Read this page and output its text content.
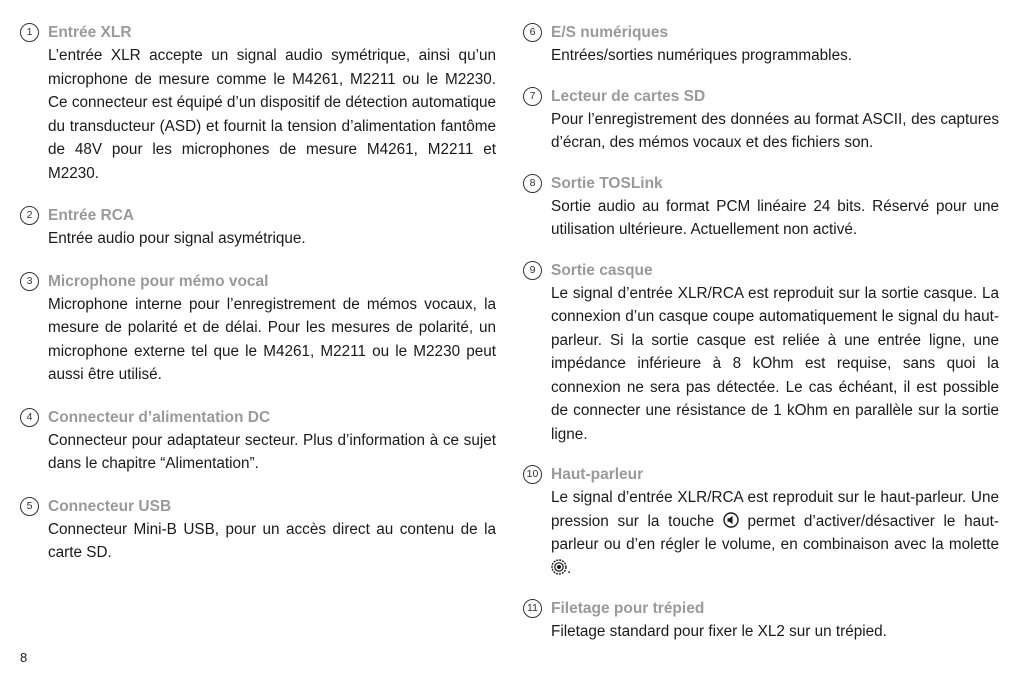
1	Entrée XLR
L’entrée XLR accepte un signal audio symétrique, ainsi qu’un microphone de mesure comme le M4261, M2211 ou le M2230. Ce connecteur est équipé d’un dispositif de détection automatique du transducteur (ASD) et fournit la tension d’alimentation fantôme de 48V pour les microphones de mesure M4261, M2211 et M2230.
2	Entrée RCA
Entrée audio pour signal asymétrique.
3	Microphone pour mémo vocal
Microphone interne pour l’enregistrement de mémos vocaux, la mesure de polarité et de délai. Pour les mesures de polarité, un microphone externe tel que le M4261, M2211 ou le M2230 peut aussi être utilisé.
4	Connecteur d’alimentation DC
Connecteur pour adaptateur secteur. Plus d’information à ce sujet dans le chapitre “Alimentation”.
5	Connecteur USB
Connecteur Mini-B USB, pour un accès direct au contenu de la carte SD.
6	E/S numériques
Entrées/sorties numériques programmables.
7	Lecteur de cartes SD
Pour l’enregistrement des données au format ASCII, des captures d’écran, des mémos vocaux et des fichiers son.
8	Sortie TOSLink
Sortie audio au format PCM linéaire 24 bits. Réservé pour une utilisation ultérieure. Actuellement non activé.
9	Sortie casque
Le signal d’entrée XLR/RCA est reproduit sur la sortie casque. La connexion d’un casque coupe automatiquement le signal du haut-parleur. Si la sortie casque est reliée à une entrée ligne, une impédance inférieure à 8 kOhm est requise, sans quoi la connexion ne sera pas détectée. Le cas échéant, il est possible de connecter une résistance de 1 kOhm en parallèle sur la sortie ligne.
10 Haut-parleur
Le signal d’entrée XLR/RCA est reproduit sur le haut-parleur. Une pression sur la touche permet d’activer/désactiver le haut-parleur ou d’en régler le volume, en combinaison avec la molette .
11 Filetage pour trépied
Filetage standard pour fixer le XL2 sur un trépied.
8
